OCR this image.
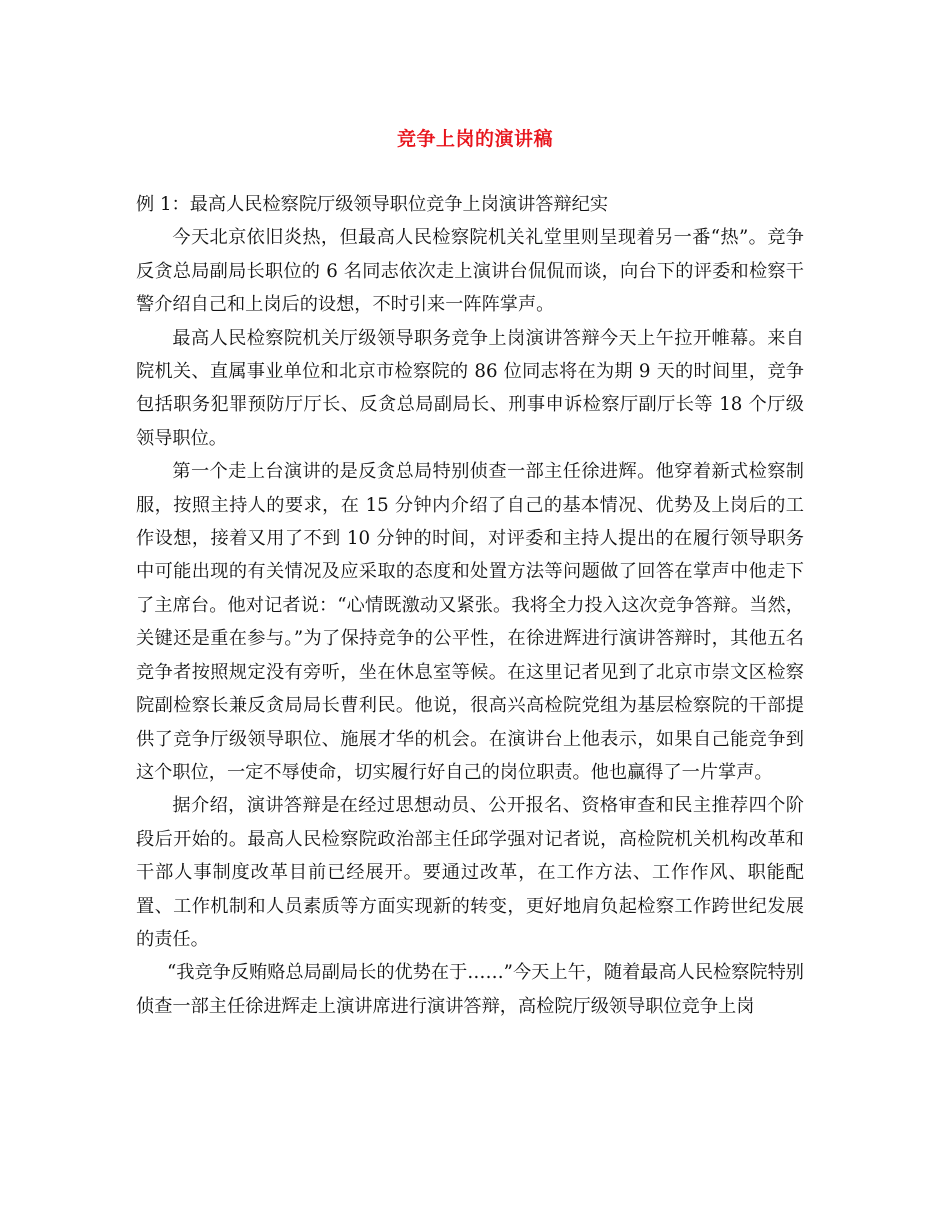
竞争上岗的演讲稿

例 1：最高人民检察院厅级领导职位竞争上岗演讲答辩纪实

今天北京依旧炎热，但最高人民检察院机关礼堂里则呈现着另一番“热”。竞争反贪总局副局长职位的 6 名同志依次走上演讲台侃侃而谈，向台下的评委和检察干警介绍自己和上岗后的设想，不时引来一阵阵掌声。

最高人民检察院机关厅级领导职务竞争上岗演讲答辩今天上午拉开帷幕。来自院机关、直属事业单位和北京市检察院的 86 位同志将在为期 9 天的时间里，竞争包括职务犯罪预防厅厅长、反贪总局副局长、刑事申诉检察厅副厅长等 18 个厅级领导职位。

第一个走上台演讲的是反贪总局特别侦查一部主任徐进辉。他穿着新式检察制服，按照主持人的要求，在 15 分钟内介绍了自己的基本情况、优势及上岗后的工作设想，接着又用了不到 10 分钟的时间，对评委和主持人提出的在履行领导职务中可能出现的有关情况及应采取的态度和处置方法等问题做了回答在掌声中他走下了主席台。他对记者说：“心情既激动又紧张。我将全力投入这次竞争答辩。当然，关键还是重在参与。”为了保持竞争的公平性，在徐进辉进行演讲答辩时，其他五名竞争者按照规定没有旁听，坐在休息室等候。在这里记者见到了北京市崇文区检察院副检察长兼反贪局局长曹利民。他说，很高兴高检院党组为基层检察院的干部提供了竞争厅级领导职位、施展才华的机会。在演讲台上他表示，如果自己能竞争到这个职位，一定不辱使命，切实履行好自己的岗位职责。他也赢得了一片掌声。

据介绍，演讲答辩是在经过思想动员、公开报名、资格审查和民主推荐四个阶段后开始的。最高人民检察院政治部主任邱学强对记者说，高检院机关机构改革和干部人事制度改革目前已经展开。要通过改革，在工作方法、工作作风、职能配置、工作机制和人员素质等方面实现新的转变，更好地肩负起检察工作跨世纪发展的责任。

“我竞争反贿赂总局副局长的优势在于……”今天上午，随着最高人民检察院特别侦查一部主任徐进辉走上演讲席进行演讲答辩，高检院厅级领导职位竞争上岗
